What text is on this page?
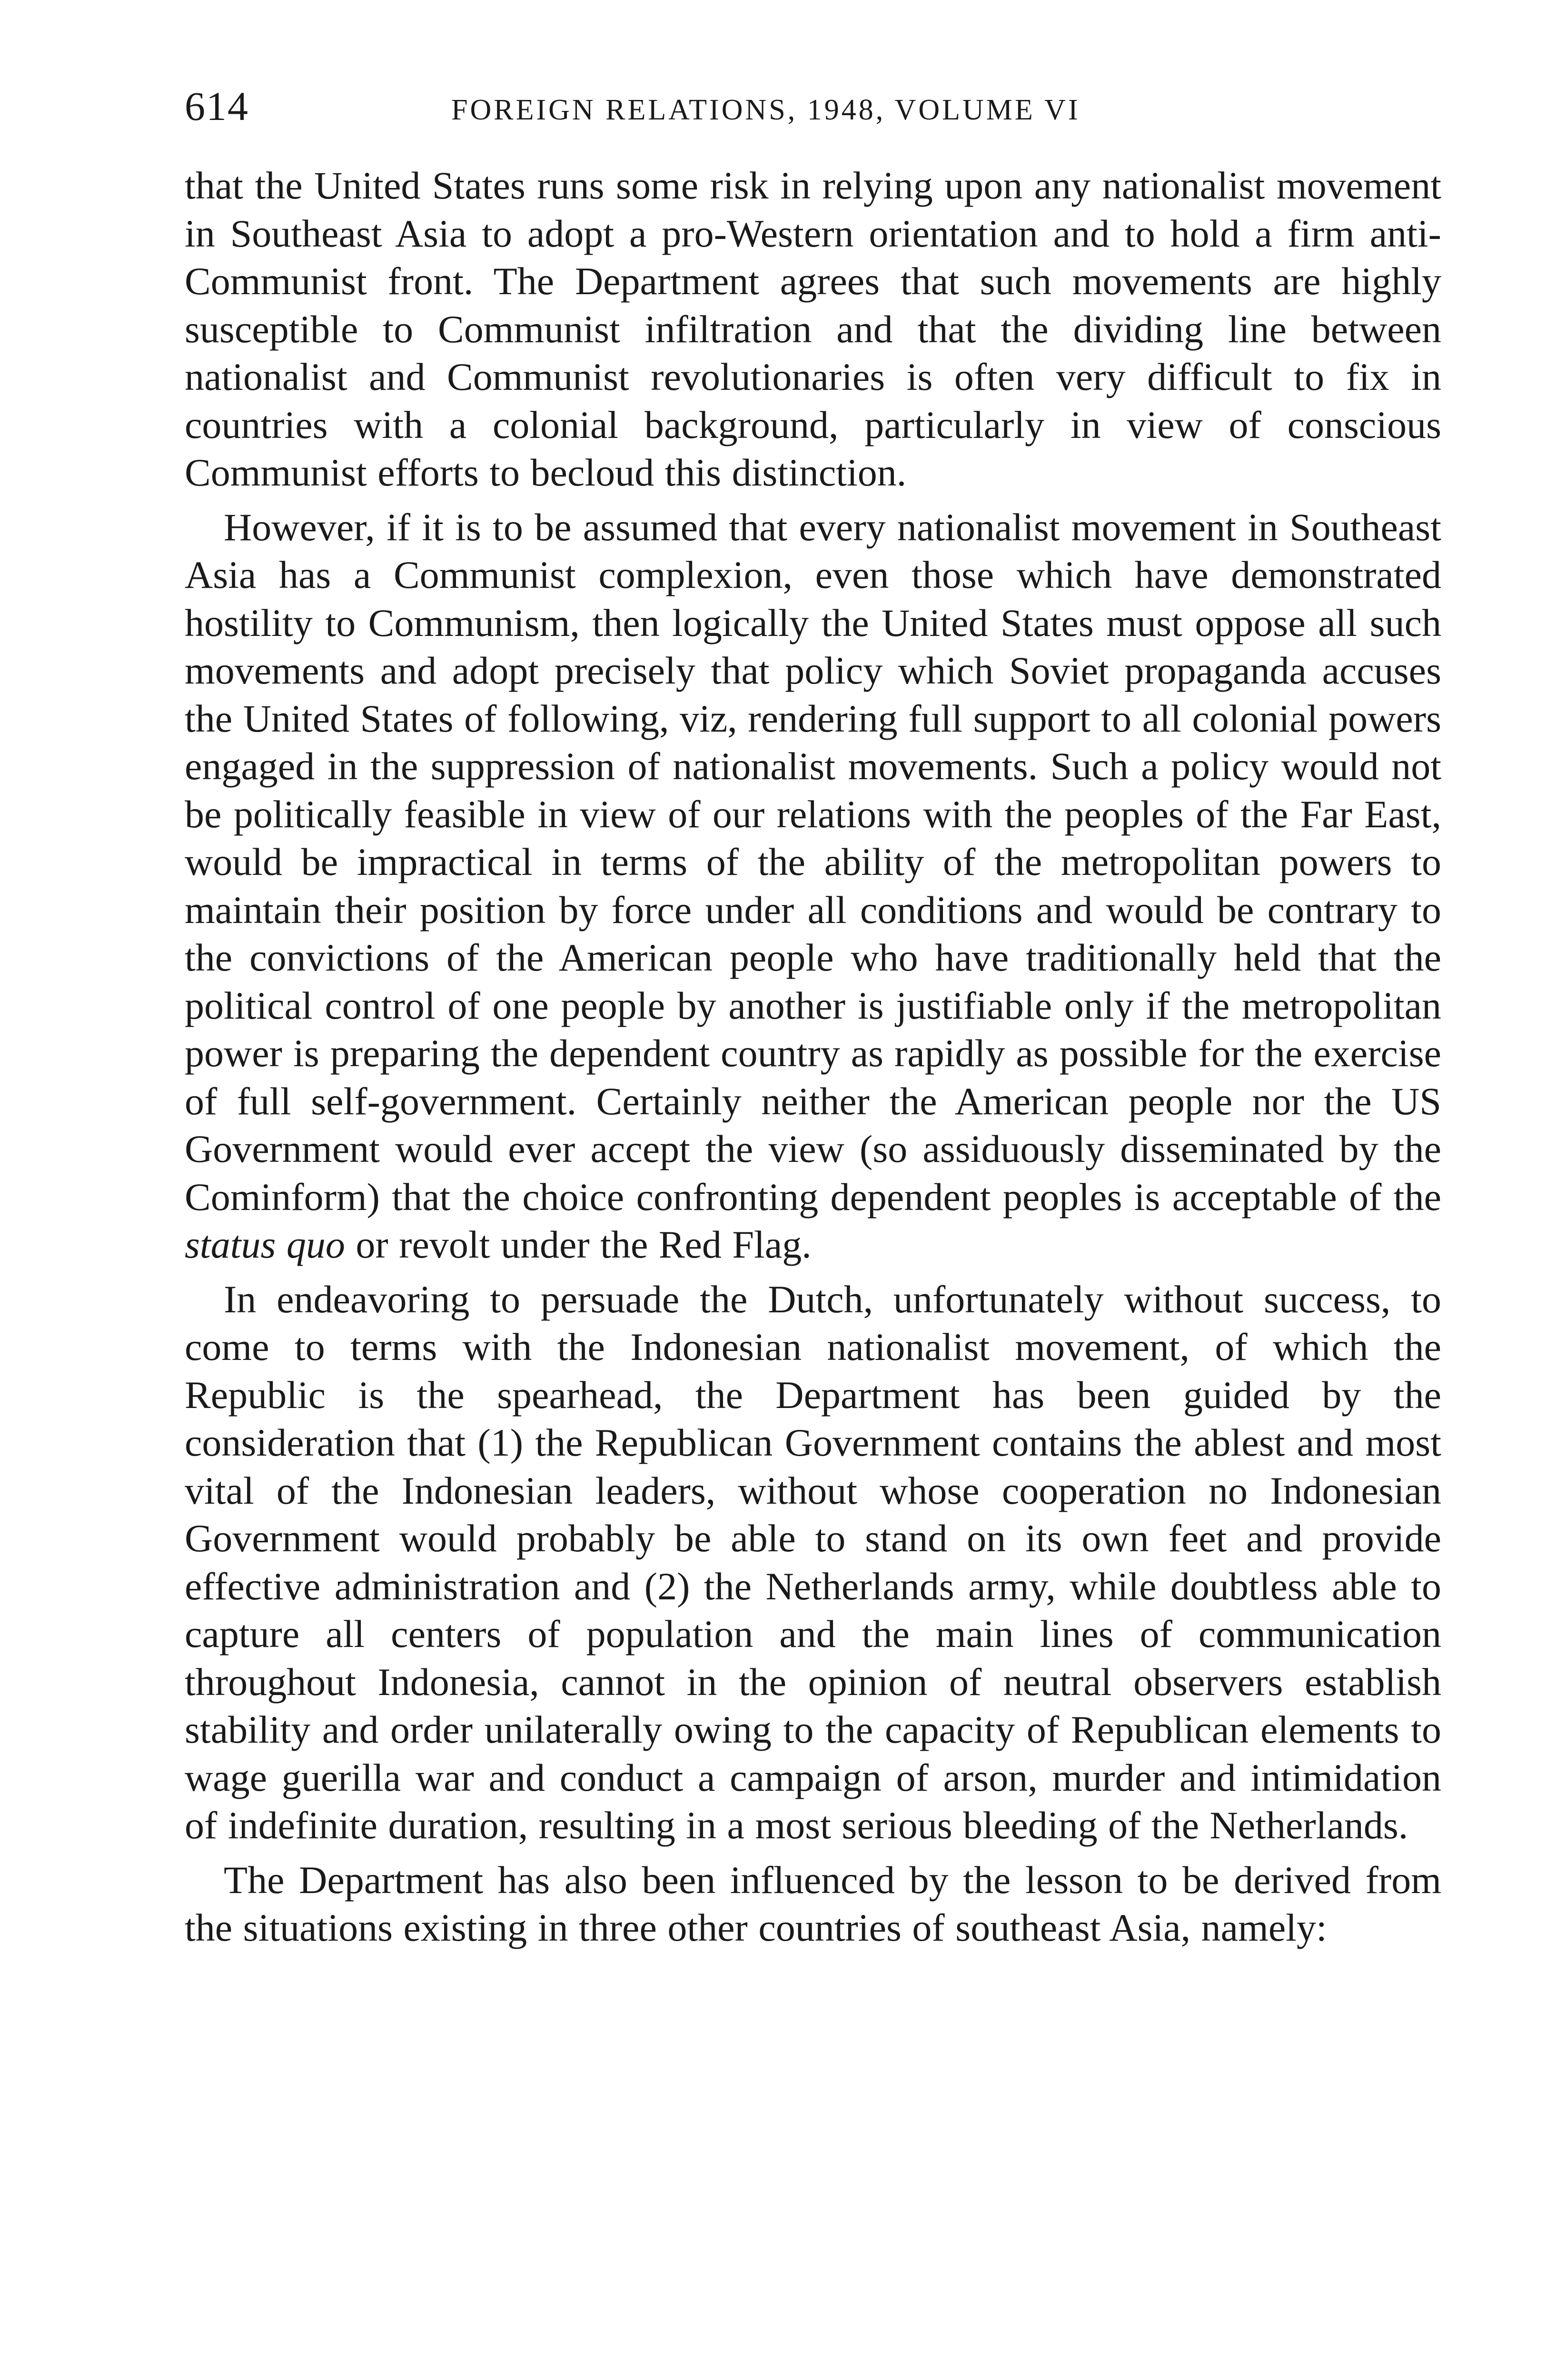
614	FOREIGN RELATIONS, 1948, VOLUME VI

that the United States runs some risk in relying upon any nationalist movement in Southeast Asia to adopt a pro-Western orientation and to hold a firm anti-Communist front. The Department agrees that such movements are highly susceptible to Communist infiltration and that the dividing line between nationalist and Communist revolutionaries is often very difficult to fix in countries with a colonial background, particularly in view of conscious Communist efforts to becloud this distinction.

However, if it is to be assumed that every nationalist movement in Southeast Asia has a Communist complexion, even those which have demonstrated hostility to Communism, then logically the United States must oppose all such movements and adopt precisely that policy which Soviet propaganda accuses the United States of following, viz, rendering full support to all colonial powers engaged in the suppression of nationalist movements. Such a policy would not be politically feasible in view of our relations with the peoples of the Far East, would be impractical in terms of the ability of the metropolitan powers to maintain their position by force under all conditions and would be contrary to the convictions of the American people who have traditionally held that the political control of one people by another is justifiable only if the metropolitan power is preparing the dependent country as rapidly as possible for the exercise of full self-government. Certainly neither the American people nor the US Government would ever accept the view (so assiduously disseminated by the Cominform) that the choice confronting dependent peoples is acceptable of the status quo or revolt under the Red Flag.

In endeavoring to persuade the Dutch, unfortunately without success, to come to terms with the Indonesian nationalist movement, of which the Republic is the spearhead, the Department has been guided by the consideration that (1) the Republican Government contains the ablest and most vital of the Indonesian leaders, without whose cooperation no Indonesian Government would probably be able to stand on its own feet and provide effective administration and (2) the Netherlands army, while doubtless able to capture all centers of population and the main lines of communication throughout Indonesia, cannot in the opinion of neutral observers establish stability and order unilaterally owing to the capacity of Republican elements to wage guerilla war and conduct a campaign of arson, murder and intimidation of indefinite duration, resulting in a most serious bleeding of the Netherlands.

The Department has also been influenced by the lesson to be derived from the situations existing in three other countries of southeast Asia, namely:
